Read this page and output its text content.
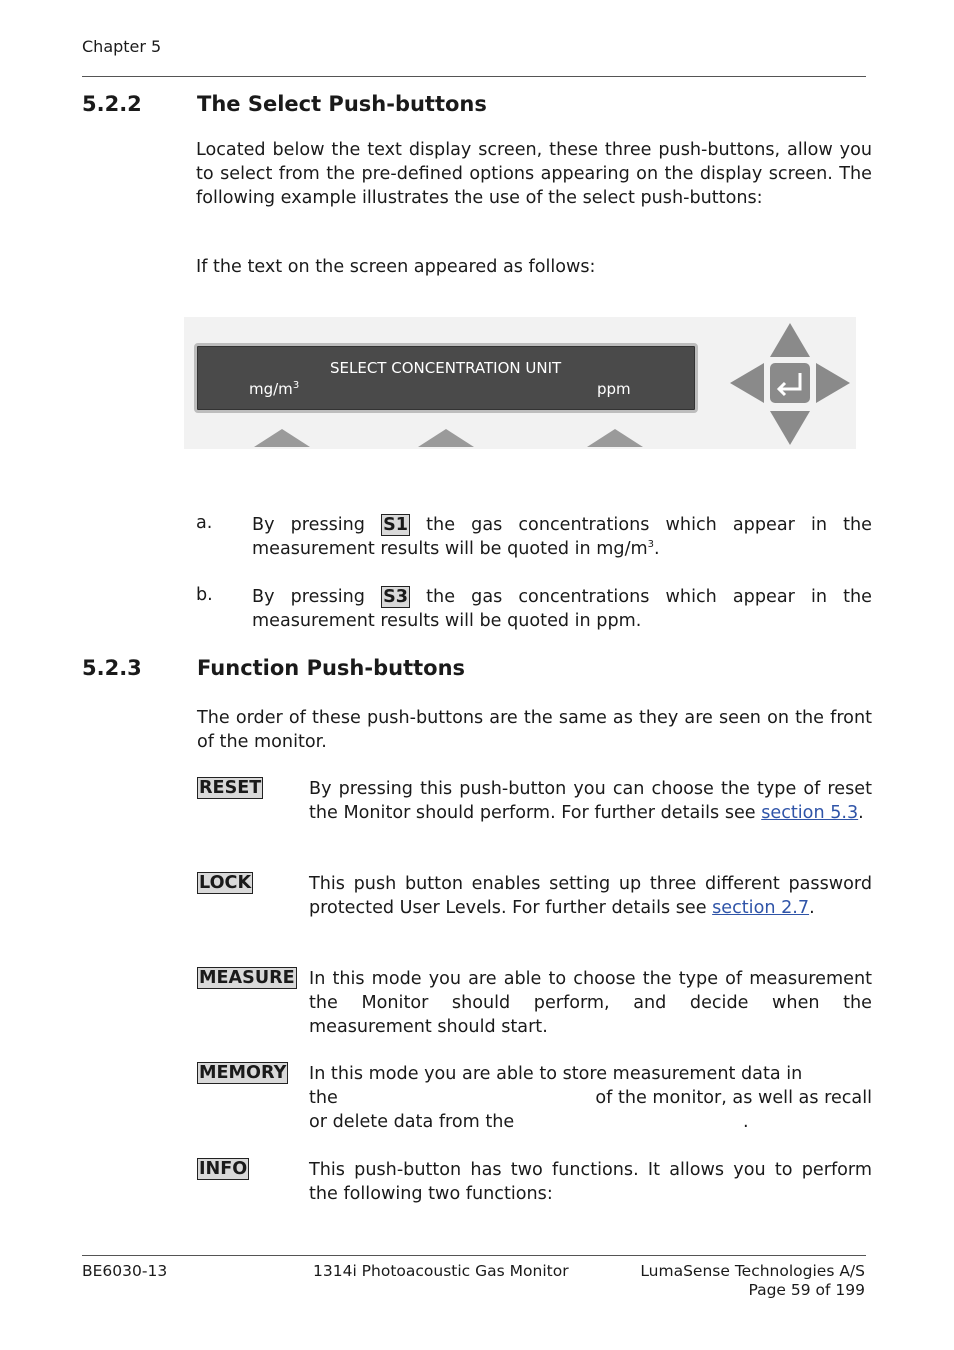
Chapter 5
5.2.2	The Select Push-buttons
Located below the text display screen, these three push-buttons, allow you to select from the pre-defined options appearing on the display screen. The following example illustrates the use of the select push-buttons:
If the text on the screen appeared as follows:
SELECT CONCENTRATION UNIT
$mg/m^3$	ppm
a. By pressing S1 the gas concentrations which appear in the measurement results will be quoted in $mg/m^3$.
b. By pressing S3 the gas concentrations which appear in the measurement results will be quoted in ppm.
5.2.3	Function Push-buttons
The order of these push-buttons are the same as they are seen on the front of the monitor.
RESET	By pressing this push-button you can choose the type of reset the Monitor should perform. For further details see section 5.3.
LOCK	This push button enables setting up three different password protected User Levels. For further details see section 2.7.
MEASURE In this mode you are able to choose the type of measurement the Monitor should perform, and decide when the measurement should start.
MEMORY In this mode you are able to store measurement data in
the	of the monitor, as well as recall
or delete data from the	.
INFO	This push-button has two functions. It allows you to perform the following two functions:
BE6030-13	1314i Photoacoustic Gas Monitor	LumaSense Technologies A/S
Page 59 of 199
